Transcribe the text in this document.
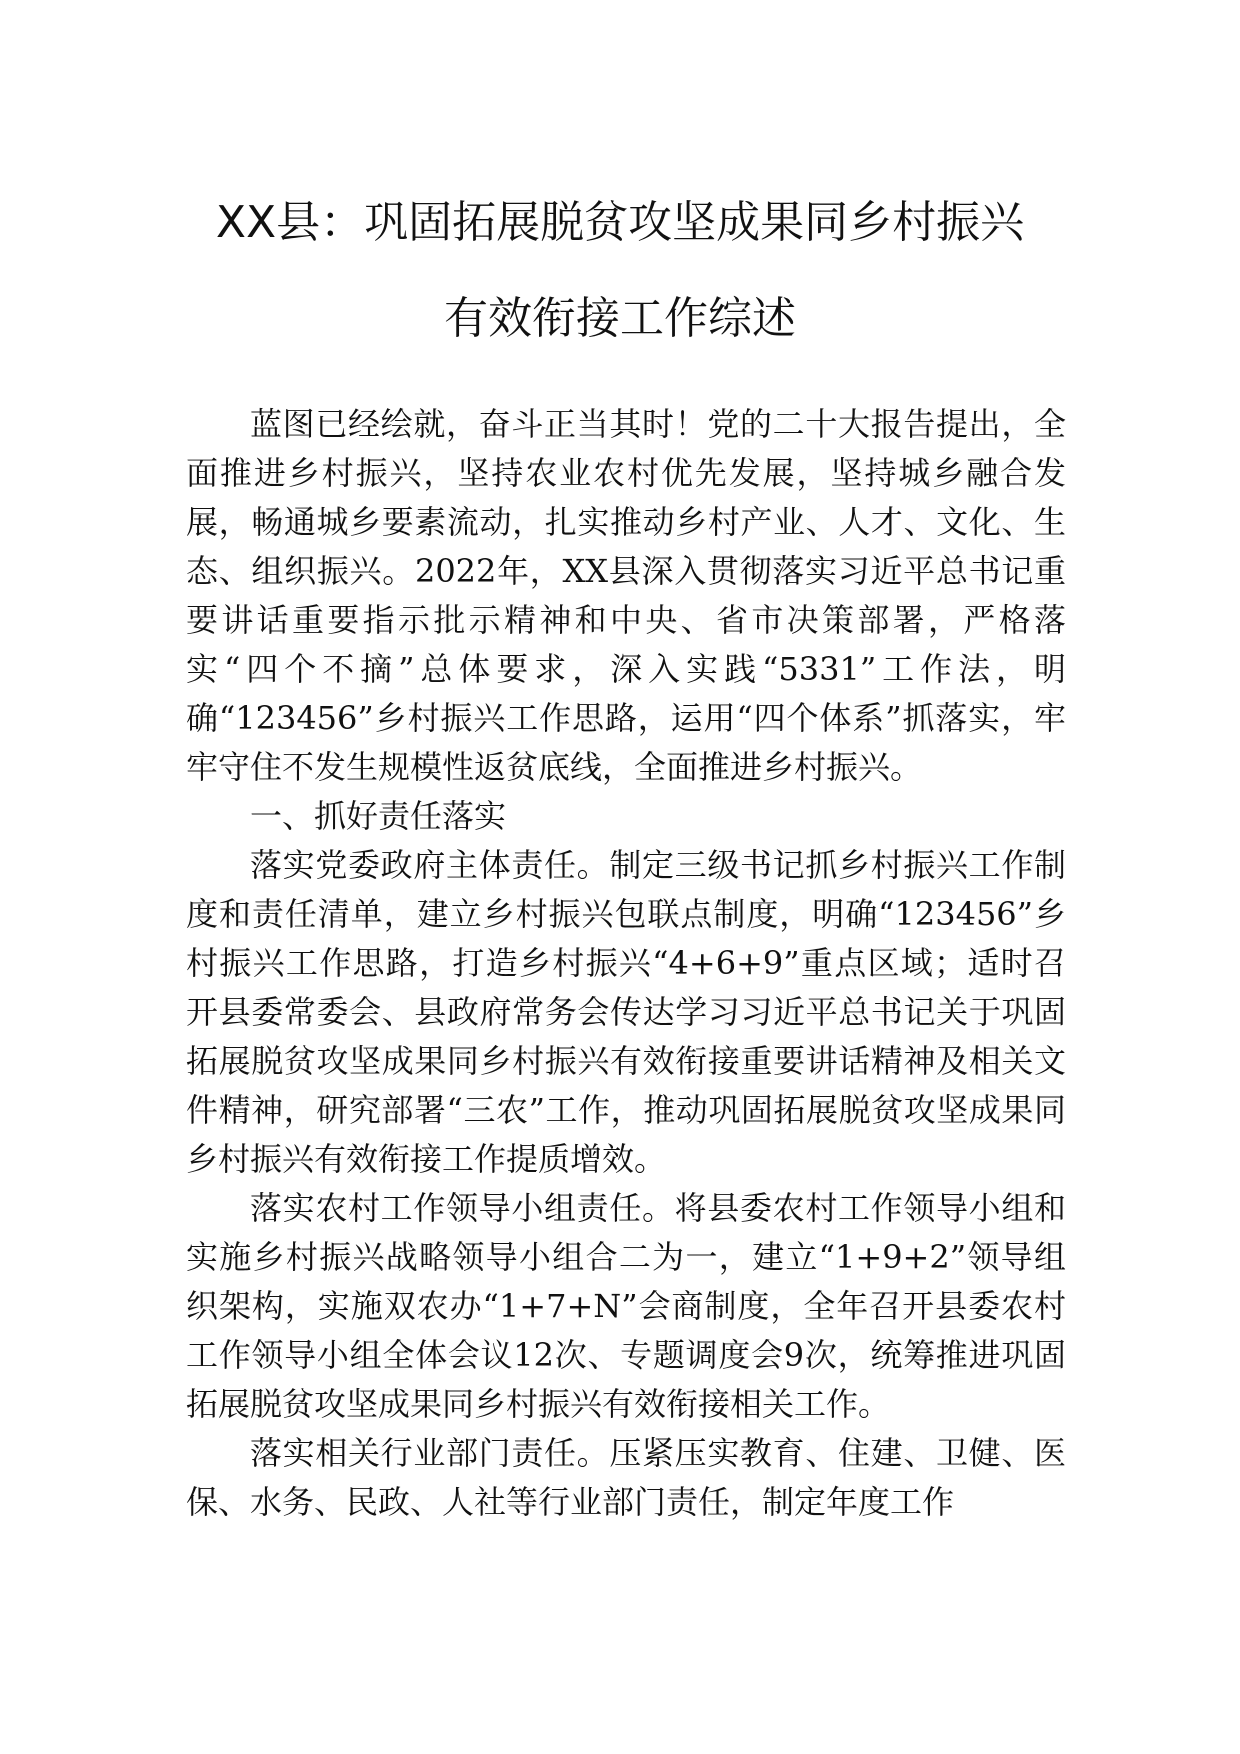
XX县：巩固拓展脱贫攻坚成果同乡村振兴
有效衔接工作综述

蓝图已经绘就，奋斗正当其时！党的二十大报告提出，全面推进乡村振兴，坚持农业农村优先发展，坚持城乡融合发展，畅通城乡要素流动，扎实推动乡村产业、人才、文化、生态、组织振兴。2022年，XX县深入贯彻落实习近平总书记重要讲话重要指示批示精神和中央、省市决策部署，严格落实“四个不摘”总体要求，深入实践“5331”工作法，明确“123456”乡村振兴工作思路，运用“四个体系”抓落实，牢牢守住不发生规模性返贫底线，全面推进乡村振兴。

一、抓好责任落实

落实党委政府主体责任。制定三级书记抓乡村振兴工作制度和责任清单，建立乡村振兴包联点制度，明确“123456”乡村振兴工作思路，打造乡村振兴“4+6+9”重点区域；适时召开县委常委会、县政府常务会传达学习习近平总书记关于巩固拓展脱贫攻坚成果同乡村振兴有效衔接重要讲话精神及相关文件精神，研究部署“三农”工作，推动巩固拓展脱贫攻坚成果同乡村振兴有效衔接工作提质增效。

落实农村工作领导小组责任。将县委农村工作领导小组和实施乡村振兴战略领导小组合二为一，建立“1+9+2”领导组织架构，实施双农办“1+7+N”会商制度，全年召开县委农村工作领导小组全体会议12次、专题调度会9次，统筹推进巩固拓展脱贫攻坚成果同乡村振兴有效衔接相关工作。

落实相关行业部门责任。压紧压实教育、住建、卫健、医保、水务、民政、人社等行业部门责任，制定年度工作
